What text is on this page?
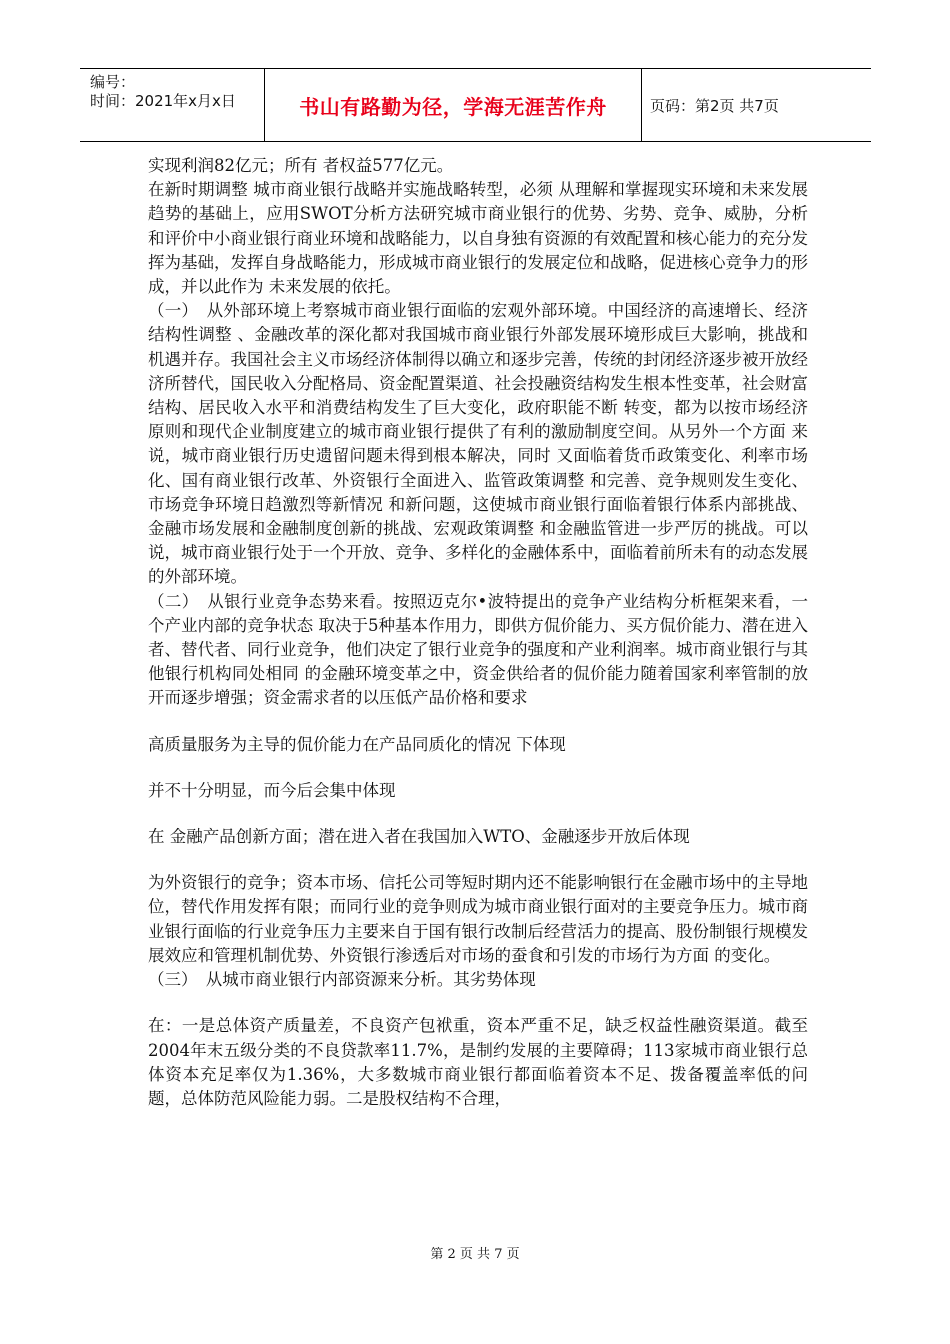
编号：
时间：2021年x月x日	书山有路勤为径，学海无涯苦作舟	页码：第2页 共7页

实现利润82亿元；所有 者权益577亿元。

在新时期调整 城市商业银行战略并实施战略转型，必须 从理解和掌握现实环境和未来发展趋势的基础上，应用SWOT分析方法研究城市商业银行的优势、劣势、竞争、威胁，分析和评价中小商业银行商业环境和战略能力，以自身独有资源的有效配置和核心能力的充分发挥为基础，发挥自身战略能力，形成城市商业银行的发展定位和战略，促进核心竞争力的形成，并以此作为 未来发展的依托。

（一）　从外部环境上考察城市商业银行面临的宏观外部环境。中国经济的高速增长、经济结构性调整 、金融改革的深化都对我国城市商业银行外部发展环境形成巨大影响，挑战和机遇并存。我国社会主义市场经济体制得以确立和逐步完善，传统的封闭经济逐步被开放经济所替代，国民收入分配格局、资金配置渠道、社会投融资结构发生根本性变革，社会财富结构、居民收入水平和消费结构发生了巨大变化，政府职能不断 转变，都为以按市场经济原则和现代企业制度建立的城市商业银行提供了有利的激励制度空间。从另外一个方面 来说，城市商业银行历史遗留问题未得到根本解决，同时 又面临着货币政策变化、利率市场化、国有商业银行改革、外资银行全面进入、监管政策调整 和完善、竞争规则发生变化、市场竞争环境日趋激烈等新情况 和新问题，这使城市商业银行面临着银行体系内部挑战、金融市场发展和金融制度创新的挑战、宏观政策调整 和金融监管进一步严厉的挑战。可以 说，城市商业银行处于一个开放、竞争、多样化的金融体系中，面临着前所未有的动态发展的外部环境。

（二）　从银行业竞争态势来看。按照迈克尔•波特提出的竞争产业结构分析框架来看，一个产业内部的竞争状态 取决于5种基本作用力，即供方侃价能力、买方侃价能力、潜在进入者、替代者、同行业竞争，他们决定了银行业竞争的强度和产业利润率。城市商业银行与其他银行机构同处相同 的金融环境变革之中，资金供给者的侃价能力随着国家利率管制的放开而逐步增强；资金需求者的以压低产品价格和要求

高质量服务为主导的侃价能力在产品同质化的情况 下体现

并不十分明显，而今后会集中体现

在 金融产品创新方面；潜在进入者在我国加入WTO、金融逐步开放后体现

为外资银行的竞争；资本市场、信托公司等短时期内还不能影响银行在金融市场中的主导地位，替代作用发挥有限；而同行业的竞争则成为城市商业银行面对的主要竞争压力。城市商业银行面临的行业竞争压力主要来自于国有银行改制后经营活力的提高、股份制银行规模发展效应和管理机制优势、外资银行渗透后对市场的蚕食和引发的市场行为方面 的变化。

（三）　从城市商业银行内部资源来分析。其劣势体现

在：一是总体资产质量差，不良资产包袱重，资本严重不足，缺乏权益性融资渠道。截至2004年末五级分类的不良贷款率11.7%，是制约发展的主要障碍；113家城市商业银行总体资本充足率仅为1.36%，大多数城市商业银行都面临着资本不足、拨备覆盖率低的问题，总体防范风险能力弱。二是股权结构不合理，

第 2 页 共 7 页
